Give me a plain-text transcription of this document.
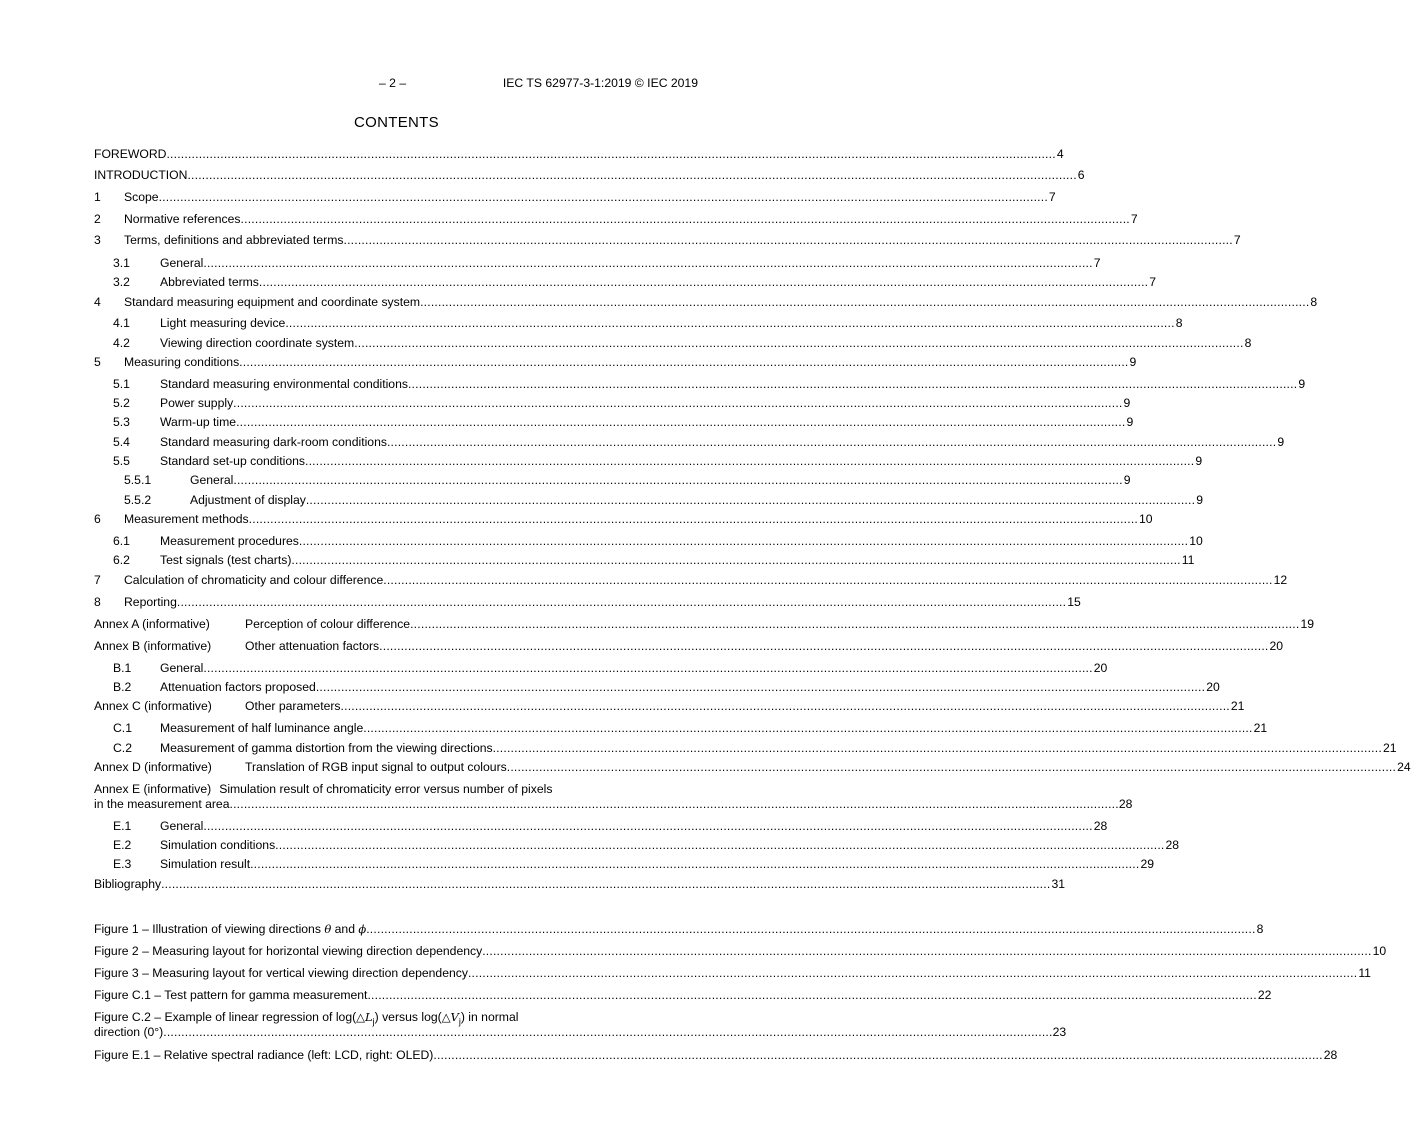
– 2 –	IEC TS 62977-3-1:2019 © IEC 2019
CONTENTS
FOREWORD ........................................................................................................................................................................................................................................................ 4
INTRODUCTION ........................................................................................................................................................................................................................................................ 6
1 Scope ........................................................................................................................................................................................................................................................ 7
2 Normative references ........................................................................................................................................................................................................................................................ 7
3 Terms, definitions and abbreviated terms ........................................................................................................................................................................................................................................................ 7
3.1 General ........................................................................................................................................................................................................................................................ 7
3.2 Abbreviated terms ........................................................................................................................................................................................................................................................ 7
4 Standard measuring equipment and coordinate system ........................................................................................................................................................................................................................................................ 8
4.1 Light measuring device ........................................................................................................................................................................................................................................................ 8
4.2 Viewing direction coordinate system ........................................................................................................................................................................................................................................................ 8
5 Measuring conditions ........................................................................................................................................................................................................................................................ 9
5.1 Standard measuring environmental conditions ........................................................................................................................................................................................................................................................ 9
5.2 Power supply ........................................................................................................................................................................................................................................................ 9
5.3 Warm-up time ........................................................................................................................................................................................................................................................ 9
5.4 Standard measuring dark-room conditions ........................................................................................................................................................................................................................................................ 9
5.5 Standard set-up conditions ........................................................................................................................................................................................................................................................ 9
5.5.1	General ........................................................................................................................................................................................................................................................ 9
5.5.2	Adjustment of display ........................................................................................................................................................................................................................................................ 9
6 Measurement methods ........................................................................................................................................................................................................................................................ 10
6.1 Measurement procedures ........................................................................................................................................................................................................................................................ 10
6.2 Test signals (test charts) ........................................................................................................................................................................................................................................................ 11
7 Calculation of chromaticity and colour difference ........................................................................................................................................................................................................................................................ 12
8 Reporting ........................................................................................................................................................................................................................................................ 15
Annex A (informative)	Perception of colour difference ........................................................................................................................................................................................................................................................ 19
Annex B (informative)	Other attenuation factors ........................................................................................................................................................................................................................................................ 20
B.1 General ........................................................................................................................................................................................................................................................ 20
B.2 Attenuation factors proposed ........................................................................................................................................................................................................................................................ 20
Annex C (informative)	Other parameters ........................................................................................................................................................................................................................................................ 21
C.1 Measurement of half luminance angle ........................................................................................................................................................................................................................................................ 21
C.2 Measurement of gamma distortion from the viewing directions ........................................................................................................................................................................................................................................................ 21
Annex D (informative)	Translation of RGB input signal to output colours ........................................................................................................................................................................................................................................................ 24
Annex E (informative) Simulation result of chromaticity error versus number of pixels
in the measurement area ........................................................................................................................................................................................................................................................ 28
E.1 General ........................................................................................................................................................................................................................................................ 28
E.2 Simulation conditions ........................................................................................................................................................................................................................................................ 28
E.3 Simulation result ........................................................................................................................................................................................................................................................ 29
Bibliography ........................................................................................................................................................................................................................................................ 31
Figure 1 – Illustration of viewing directions θ and ϕ ........................................................................................................................................................................................................................................................ 8
Figure 2 – Measuring layout for horizontal viewing direction dependency ........................................................................................................................................................................................................................................................ 10
Figure 3 – Measuring layout for vertical viewing direction dependency ........................................................................................................................................................................................................................................................ 11
Figure C.1 – Test pattern for gamma measurement ........................................................................................................................................................................................................................................................ 22
Figure C.2 – Example of linear regression of $\log(\triangle L_j)$ versus $\log(\triangle V_j)$ in normal
direction (0°) ........................................................................................................................................................................................................................................................ 23
Figure E.1 – Relative spectral radiance (left: LCD, right: OLED) ........................................................................................................................................................................................................................................................ 28
